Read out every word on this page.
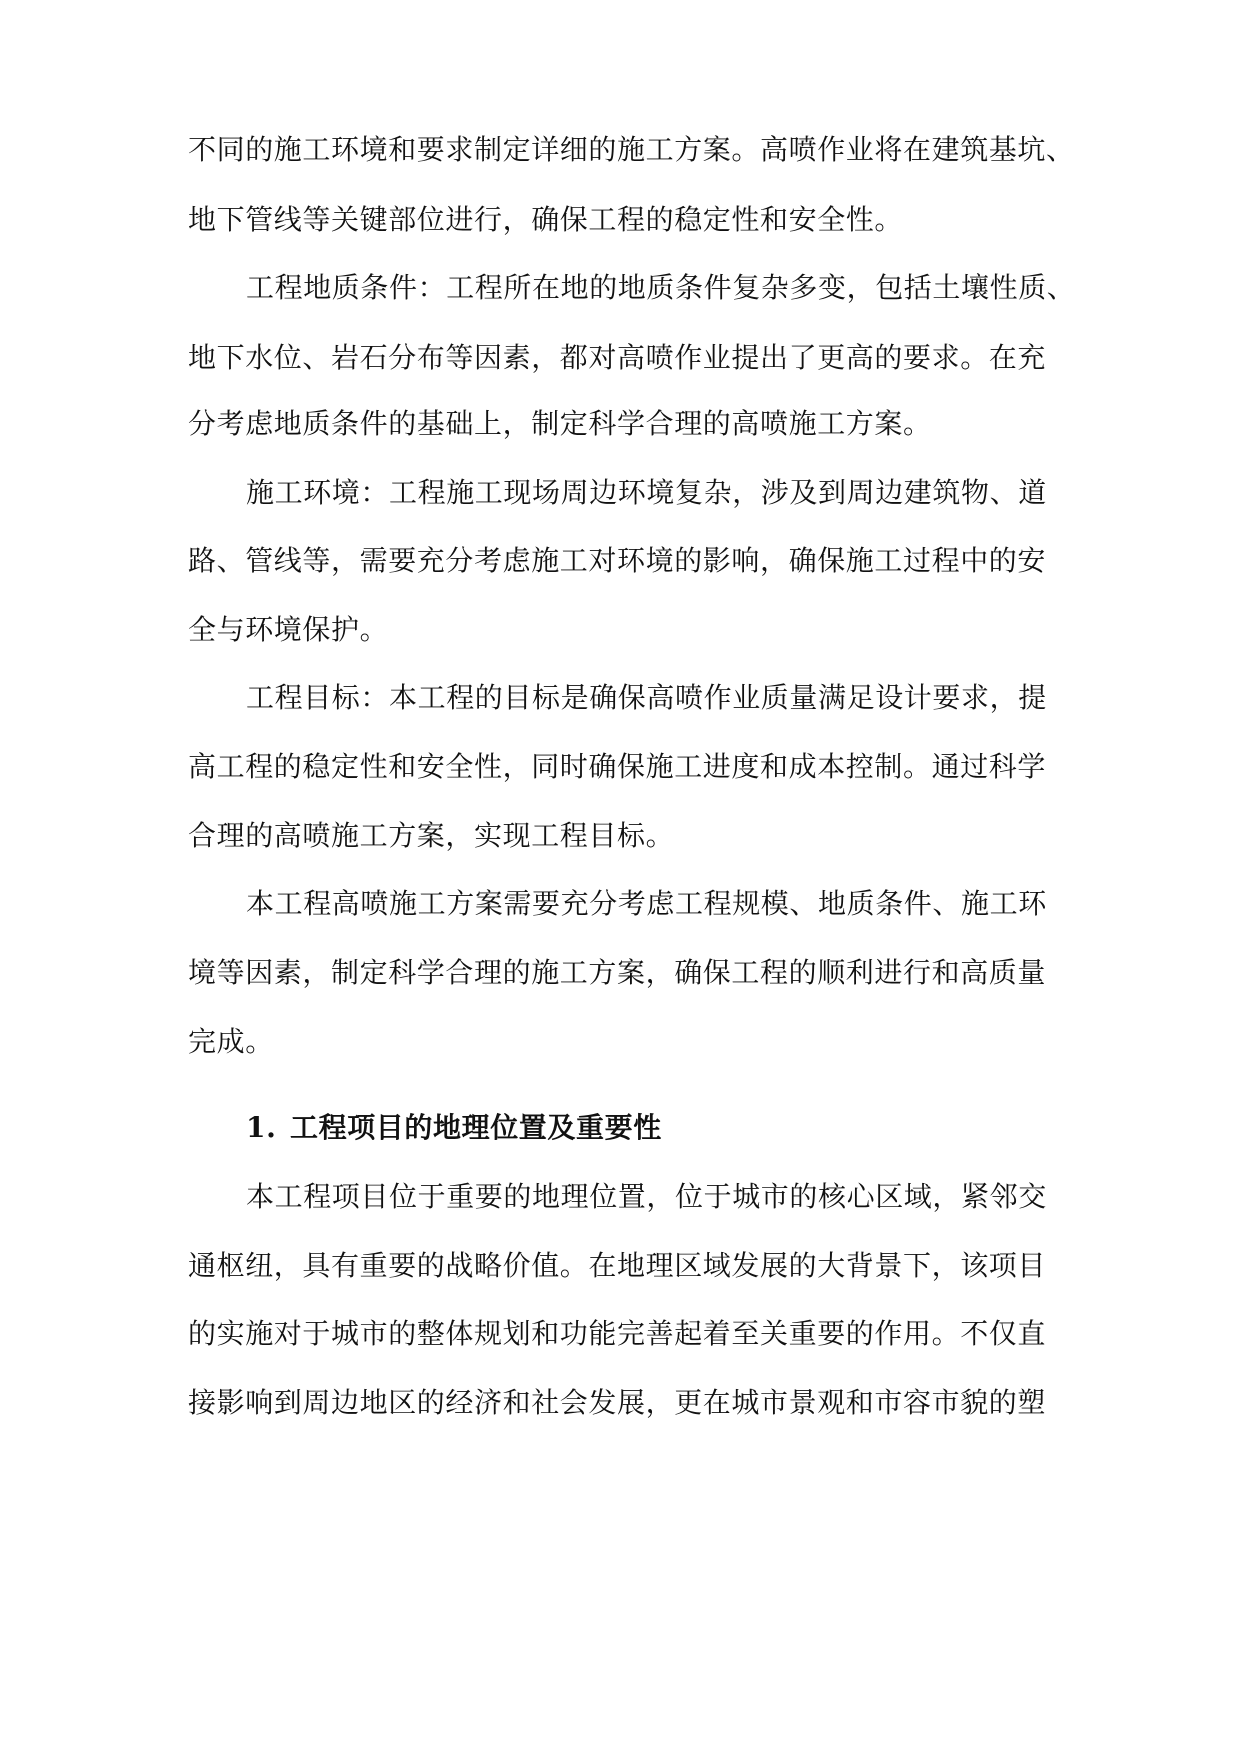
不同的施工环境和要求制定详细的施工方案。高喷作业将在建筑基坑、
地下管线等关键部位进行，确保工程的稳定性和安全性。
工程地质条件：工程所在地的地质条件复杂多变，包括土壤性质、
地下水位、岩石分布等因素，都对高喷作业提出了更高的要求。在充
分考虑地质条件的基础上，制定科学合理的高喷施工方案。
施工环境：工程施工现场周边环境复杂，涉及到周边建筑物、道
路、管线等，需要充分考虑施工对环境的影响，确保施工过程中的安
全与环境保护。
工程目标：本工程的目标是确保高喷作业质量满足设计要求，提
高工程的稳定性和安全性，同时确保施工进度和成本控制。通过科学
合理的高喷施工方案，实现工程目标。
本工程高喷施工方案需要充分考虑工程规模、地质条件、施工环
境等因素，制定科学合理的施工方案，确保工程的顺利进行和高质量
完成。
1. 工程项目的地理位置及重要性
本工程项目位于重要的地理位置，位于城市的核心区域，紧邻交
通枢纽，具有重要的战略价值。在地理区域发展的大背景下，该项目
的实施对于城市的整体规划和功能完善起着至关重要的作用。不仅直
接影响到周边地区的经济和社会发展，更在城市景观和市容市貌的塑
